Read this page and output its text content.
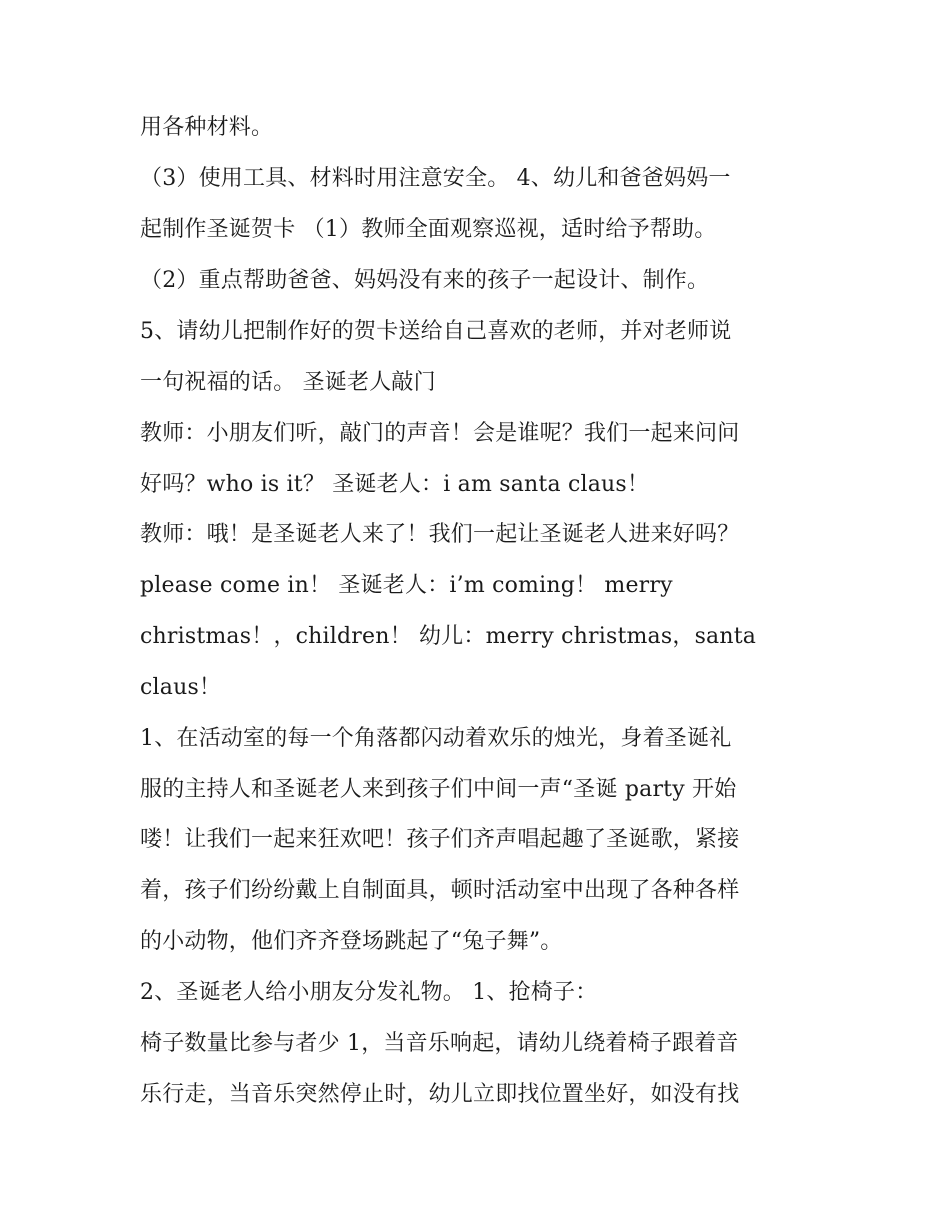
用各种材料。
（3）使用工具、材料时用注意安全。 4、幼儿和爸爸妈妈一
起制作圣诞贺卡 （1）教师全面观察巡视，适时给予帮助。
（2）重点帮助爸爸、妈妈没有来的孩子一起设计、制作。
5、请幼儿把制作好的贺卡送给自己喜欢的老师，并对老师说
一句祝福的话。 圣诞老人敲门
教师：小朋友们听，敲门的声音！会是谁呢？我们一起来问问
好吗？who is it？ 圣诞老人：i am santa claus！
教师：哦！是圣诞老人来了！我们一起让圣诞老人进来好吗？
please come in！ 圣诞老人：i’m coming！ merry
christmas！，children！ 幼儿：merry christmas，santa
claus！
1、在活动室的每一个角落都闪动着欢乐的烛光，身着圣诞礼
服的主持人和圣诞老人来到孩子们中间一声“圣诞 party 开始
喽！让我们一起来狂欢吧！孩子们齐声唱起趣了圣诞歌，紧接
着，孩子们纷纷戴上自制面具，顿时活动室中出现了各种各样
的小动物，他们齐齐登场跳起了“兔子舞”。
2、圣诞老人给小朋友分发礼物。 1、抢椅子：
椅子数量比参与者少 1，当音乐响起，请幼儿绕着椅子跟着音
乐行走，当音乐突然停止时，幼儿立即找位置坐好，如没有找
